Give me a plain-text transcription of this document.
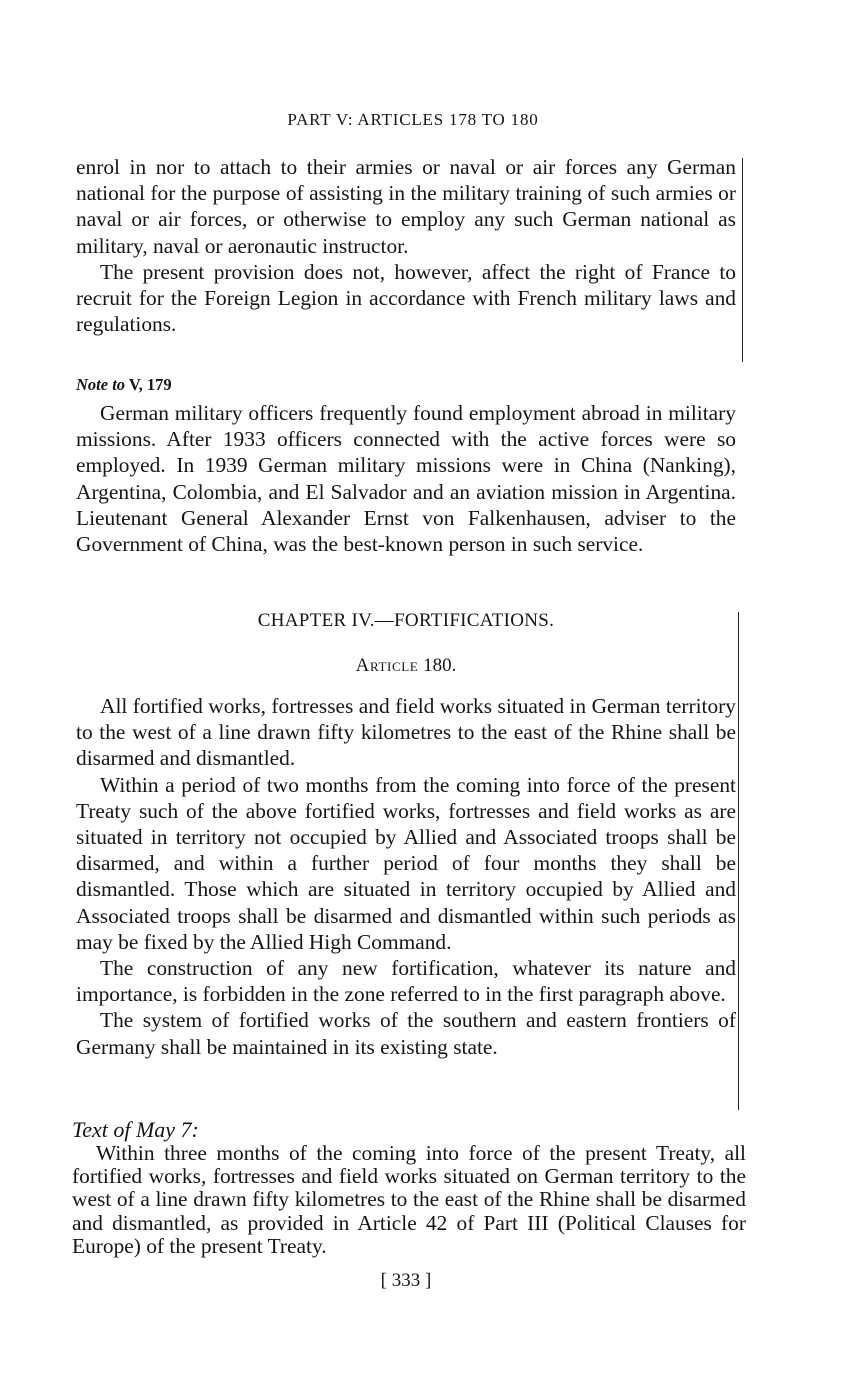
PART V: ARTICLES 178 TO 180

enrol in nor to attach to their armies or naval or air forces any German national for the purpose of assisting in the military training of such armies or naval or air forces, or otherwise to employ any such German national as military, naval or aeronautic instructor.

The present provision does not, however, affect the right of France to recruit for the Foreign Legion in accordance with French military laws and regulations.

Note to V, 179

German military officers frequently found employment abroad in military missions. After 1933 officers connected with the active forces were so employed. In 1939 German military missions were in China (Nanking), Argentina, Colombia, and El Salvador and an aviation mission in Argentina. Lieutenant General Alexander Ernst von Falkenhausen, adviser to the Government of China, was the best-known person in such service.

CHAPTER IV.—FORTIFICATIONS.
Article 180.

All fortified works, fortresses and field works situated in German territory to the west of a line drawn fifty kilometres to the east of the Rhine shall be disarmed and dismantled.

Within a period of two months from the coming into force of the present Treaty such of the above fortified works, fortresses and field works as are situated in territory not occupied by Allied and Associated troops shall be disarmed, and within a further period of four months they shall be dismantled. Those which are situated in territory occupied by Allied and Associated troops shall be disarmed and dismantled within such periods as may be fixed by the Allied High Command.

The construction of any new fortification, whatever its nature and importance, is forbidden in the zone referred to in the first paragraph above.

The system of fortified works of the southern and eastern frontiers of Germany shall be maintained in its existing state.

Text of May 7:

Within three months of the coming into force of the present Treaty, all fortified works, fortresses and field works situated on German territory to the west of a line drawn fifty kilometres to the east of the Rhine shall be disarmed and dismantled, as provided in Article 42 of Part III (Political Clauses for Europe) of the present Treaty.

[ 333 ]
